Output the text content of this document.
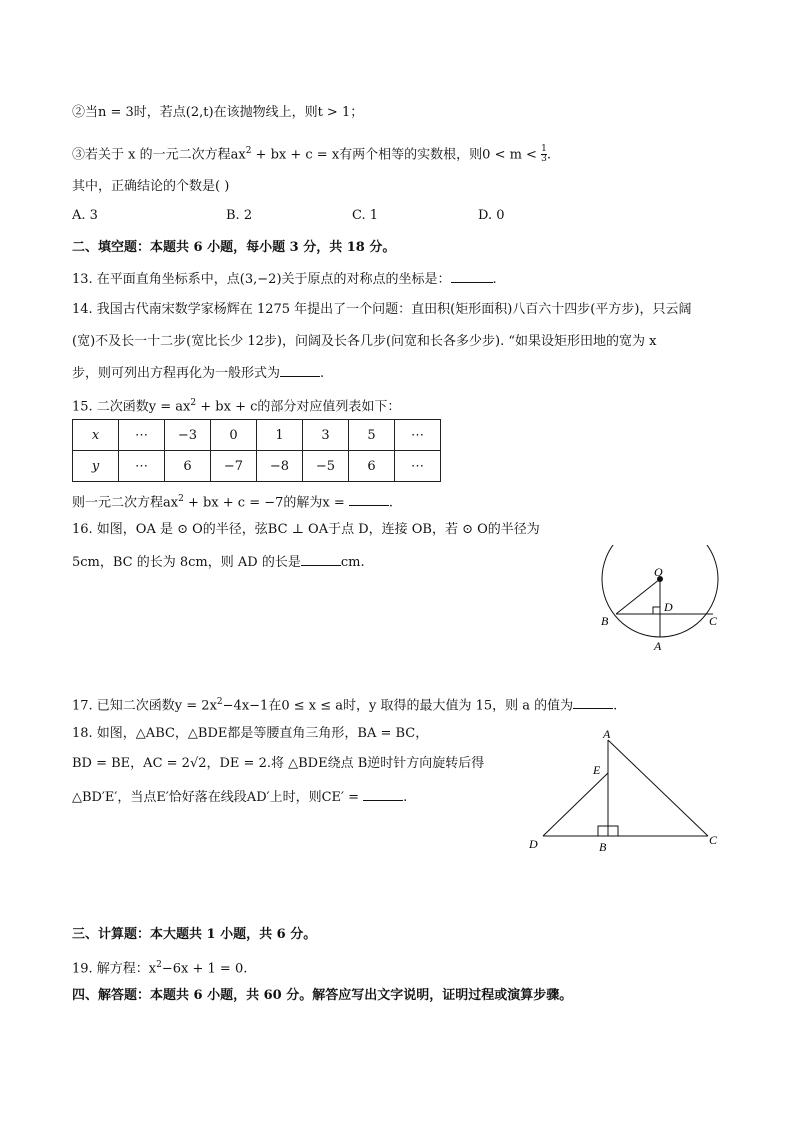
②当n = 3时，若点(2,t)在该抛物线上，则t > 1；
③若关于 x 的一元二次方程$ax^2$ + bx + c = x有两个相等的实数根，则$0 < m < \frac{1}{3}$ .
其中，正确结论的个数是( )
A. 3	B. 2	C. 1	D. 0
二、填空题：本题共 6 小题，每小题 3 分，共 18 分。
13. 在平面直角坐标系中，点(3,−2)关于原点的对称点的坐标是：	.
14. 我国古代南宋数学家杨辉在 1275 年提出了一个问题：直田积(矩形面积)八百六十四步(平方步)，只云阔
(宽)不及长一十二步(宽比长少 12步)，问阔及长各几步(问宽和长各多少步). “如果设矩形田地的宽为 x
步，则可列出方程再化为一般形式为	.
15. 二次函数$y = ax^2$ + bx + c的部分对应值列表如下：
x	⋯	−3	0	1	3	5	⋯
y	⋯	6	−7	−8	−5	6	⋯
则一元二次方程$ax^2$ + bx + c = −7的解为x =	.
16. 如图，OA 是 ⊙ O的半径，弦BC ⊥ OA于点 D，连接 OB，若 ⊙ O的半径为
5cm，BC 的长为 8cm，则 AD 的长是	cm.
O
D
B	C
A
17. 已知二次函数$y = 2x^2-4x-1$在0 ≤ x ≤ a时，y 取得的最大值为 15，则 a 的值为	.
18. 如图，△ABC，△BDE都是等腰直角三角形，BA = BC，
BD = BE，AC = 2√2，DE = 2.将 △BDE绕点 B逆时针方向旋转后得
△BD′E′，当点E′恰好落在线段AD′上时，则CE′ =	.
A
E
D	B	C
三、计算题：本大题共 1 小题，共 6 分。
19. 解方程：$x^2-6x + 1 = 0$.
四、解答题：本题共 6 小题，共 60 分。解答应写出文字说明，证明过程或演算步骤。
